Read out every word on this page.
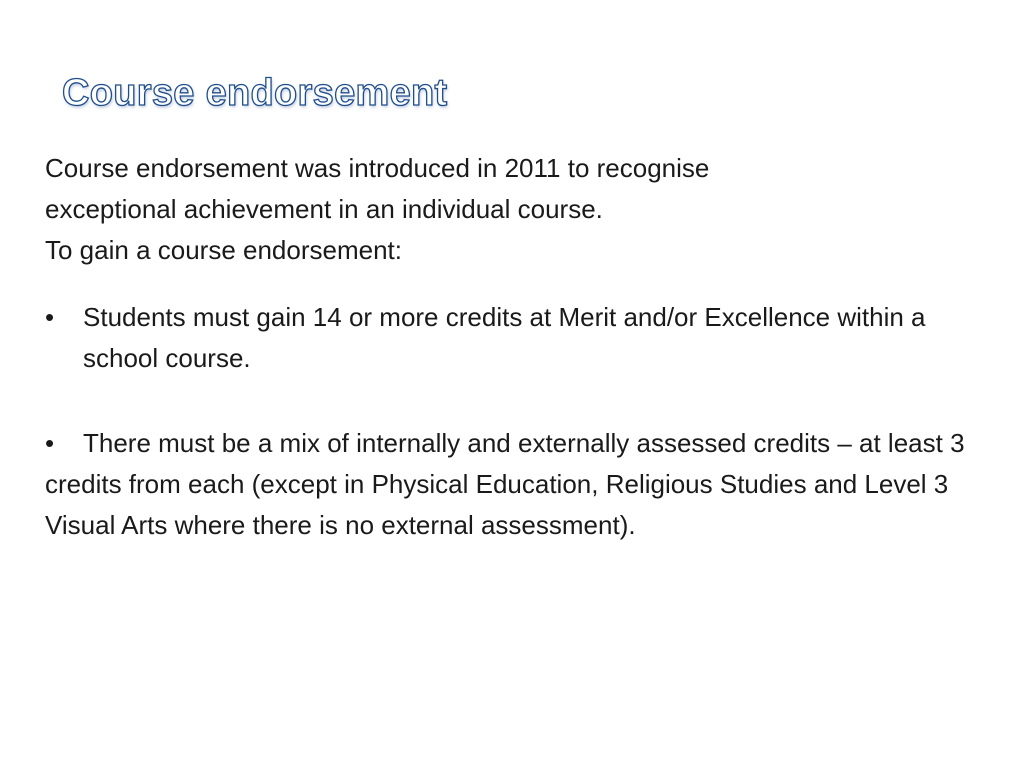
Course endorsement

Course endorsement was introduced in 2011 to recognise

exceptional achievement in an individual course.

To gain a course endorsement:

• Students must gain 14 or more credits at Merit and/or Excellence within a school course.
• There must be a mix of internally and externally assessed credits – at least 3 credits from each (except in Physical Education, Religious Studies and Level 3 Visual Arts where there is no external assessment).
